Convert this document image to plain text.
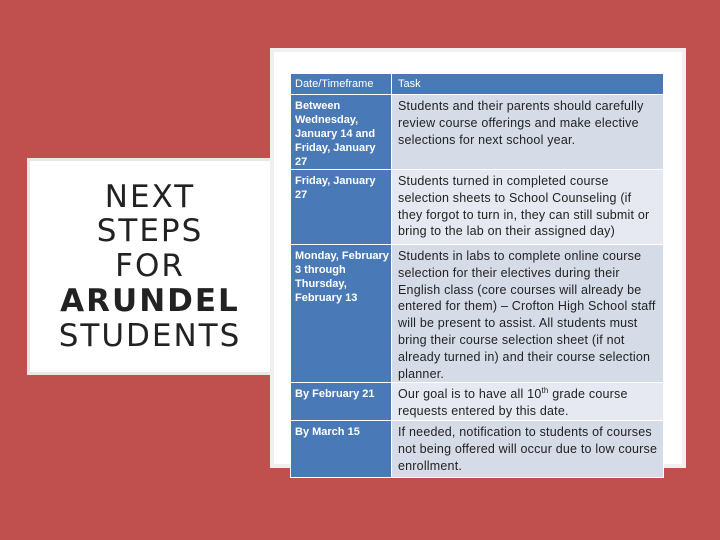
NEXT
STEPS
FOR
ARUNDEL
STUDENTS
Date/Timeframe	Task
Between Wednesday, January 14 and Friday, January 27	Students and their parents should carefully review course offerings and make elective selections for next school year.
Friday, January 27	Students turned in completed course selection sheets to School Counseling (if they forgot to turn in, they can still submit or bring to the lab on their assigned day)
Monday, February 3 through Thursday, February 13	Students in labs to complete online course selection for their electives during their English class (core courses will already be entered for them) – Crofton High School staff will be present to assist. All students must bring their course selection sheet (if not already turned in) and their course selection planner.
By February 21	Our goal is to have all 10th grade course requests entered by this date.
By March 15	If needed, notification to students of courses not being offered will occur due to low course enrollment.
